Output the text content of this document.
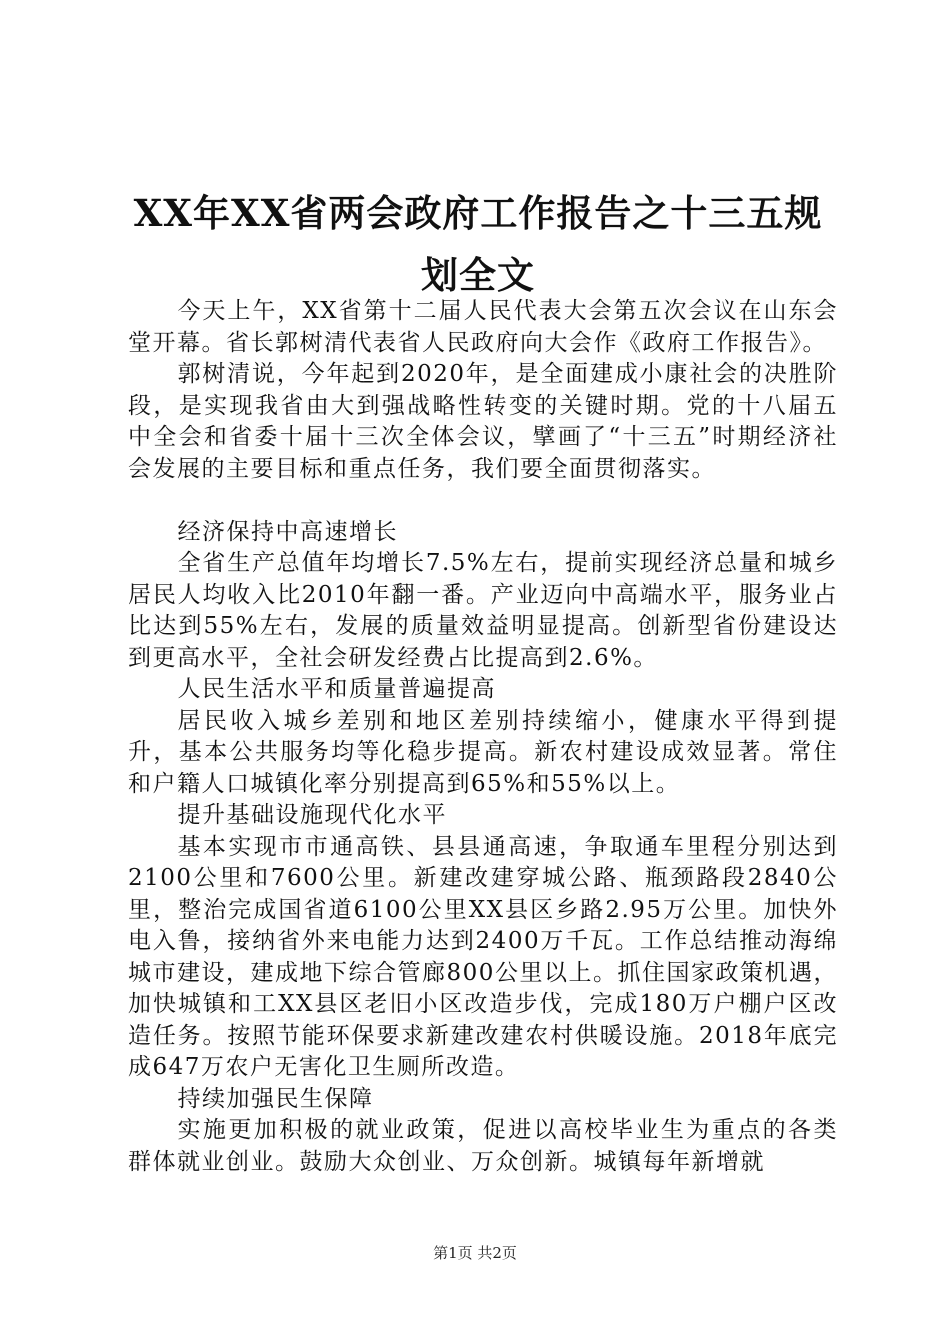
XX年XX省两会政府工作报告之十三五规划全文

今天上午，XX省第十二届人民代表大会第五次会议在山东会堂开幕。省长郭树清代表省人民政府向大会作《政府工作报告》。

郭树清说，今年起到2020年，是全面建成小康社会的决胜阶段，是实现我省由大到强战略性转变的关键时期。党的十八届五中全会和省委十届十三次全体会议，擘画了“十三五”时期经济社会发展的主要目标和重点任务，我们要全面贯彻落实。

经济保持中高速增长

全省生产总值年均增长7.5%左右，提前实现经济总量和城乡居民人均收入比2010年翻一番。产业迈向中高端水平，服务业占比达到55%左右，发展的质量效益明显提高。创新型省份建设达到更高水平，全社会研发经费占比提高到2.6%。

人民生活水平和质量普遍提高

居民收入城乡差别和地区差别持续缩小，健康水平得到提升，基本公共服务均等化稳步提高。新农村建设成效显著。常住和户籍人口城镇化率分别提高到65%和55%以上。

提升基础设施现代化水平

基本实现市市通高铁、县县通高速，争取通车里程分别达到2100公里和7600公里。新建改建穿城公路、瓶颈路段2840公里，整治完成国省道6100公里XX县区乡路2.95万公里。加快外电入鲁，接纳省外来电能力达到2400万千瓦。工作总结推动海绵城市建设，建成地下综合管廊800公里以上。抓住国家政策机遇，加快城镇和工XX县区老旧小区改造步伐，完成180万户棚户区改造任务。按照节能环保要求新建改建农村供暖设施。2018年底完成647万农户无害化卫生厕所改造。

持续加强民生保障

实施更加积极的就业政策，促进以高校毕业生为重点的各类群体就业创业。鼓励大众创业、万众创新。城镇每年新增就

第1页 共2页
